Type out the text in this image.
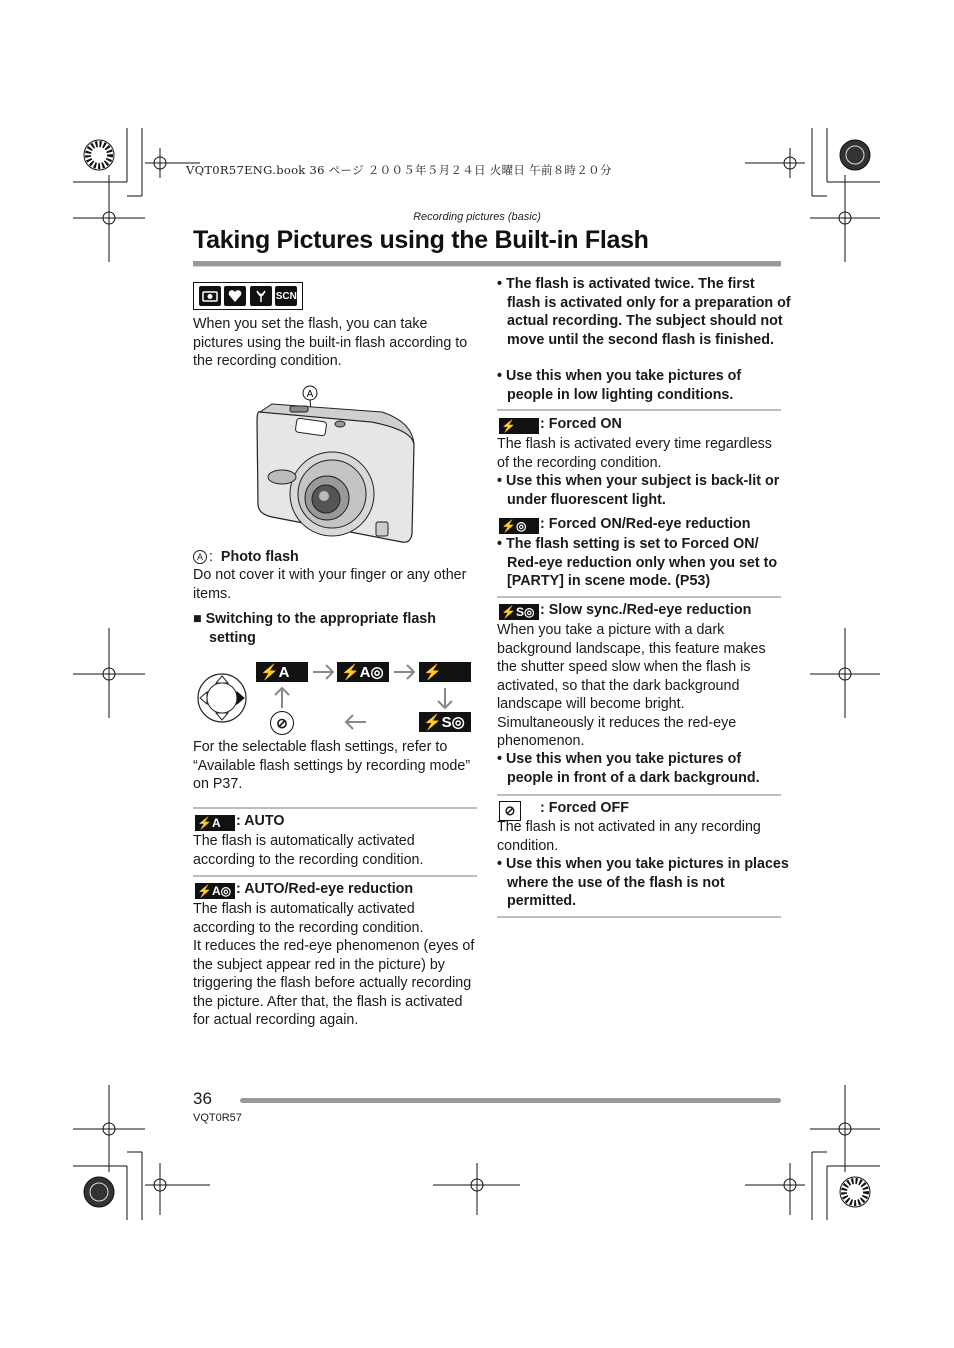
VQT0R57ENG.book 36 ページ ２００５年５月２４日 火曜日 午前８時２０分
Recording pictures (basic)
Taking Pictures using the Built-in Flash
SCN
When you set the flash, you can take pictures using the built-in flash according to the recording condition.
A
A :  Photo flash
Do not cover it with your finger or any other items.
■ Switching to the appropriate flash setting
⚡A	⚡A◎	⚡
⚡S◎
⊘
For the selectable flash settings, refer to “Available flash settings by recording mode” on P37.
⚡A	: AUTO
The flash is automatically activated according to the recording condition.
⚡A◎ : AUTO/Red-eye reduction
The flash is automatically activated according to the recording condition.
It reduces the red-eye phenomenon (eyes of the subject appear red in the picture) by triggering the flash before actually recording the picture. After that, the flash is activated for actual recording again.
• The flash is activated twice. The first flash is activated only for a preparation of actual recording. The subject should not move until the second flash is finished.
• Use this when you take pictures of people in low lighting conditions.
⚡	: Forced ON
The flash is activated every time regardless of the recording condition.
• Use this when your subject is back-lit or under fluorescent light.
⚡◎ : Forced ON/Red-eye reduction
• The flash setting is set to Forced ON/ Red-eye reduction only when you set to [PARTY] in scene mode. (P53)
⚡S◎ : Slow sync./Red-eye reduction
When you take a picture with a dark background landscape, this feature makes the shutter speed slow when the flash is activated, so that the dark background landscape will become bright. Simultaneously it reduces the red-eye phenomenon.
• Use this when you take pictures of people in front of a dark background.
⊘	: Forced OFF
The flash is not activated in any recording condition.
• Use this when you take pictures in places where the use of the flash is not permitted.
36
VQT0R57
